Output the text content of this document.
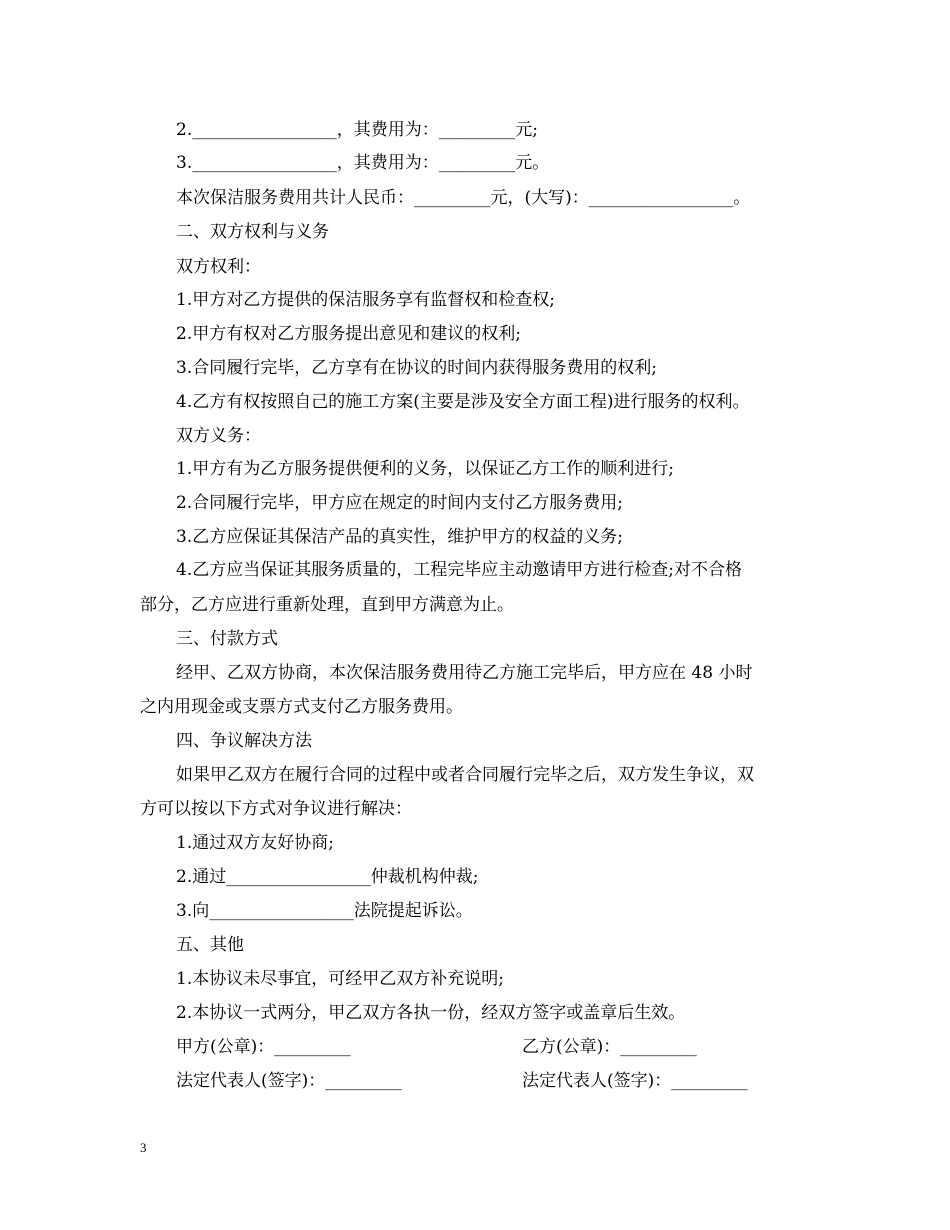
2._________________，其费用为：_________元;
3._________________，其费用为：_________元。
本次保洁服务费用共计人民币：_________元，(大写)：_________________。
二、双方权利与义务
双方权利：
1.甲方对乙方提供的保洁服务享有监督权和检查权;
2.甲方有权对乙方服务提出意见和建议的权利;
3.合同履行完毕，乙方享有在协议的时间内获得服务费用的权利;
4.乙方有权按照自己的施工方案(主要是涉及安全方面工程)进行服务的权利。
双方义务：
1.甲方有为乙方服务提供便利的义务，以保证乙方工作的顺利进行;
2.合同履行完毕，甲方应在规定的时间内支付乙方服务费用;
3.乙方应保证其保洁产品的真实性，维护甲方的权益的义务;
4.乙方应当保证其服务质量的，工程完毕应主动邀请甲方进行检查;对不合格
部分，乙方应进行重新处理，直到甲方满意为止。
三、付款方式
经甲、乙双方协商，本次保洁服务费用待乙方施工完毕后，甲方应在 48 小时
之内用现金或支票方式支付乙方服务费用。
四、争议解决方法
如果甲乙双方在履行合同的过程中或者合同履行完毕之后，双方发生争议，双
方可以按以下方式对争议进行解决：
1.通过双方友好协商;
2.通过_________________仲裁机构仲裁;
3.向_________________法院提起诉讼。
五、其他
1.本协议未尽事宜，可经甲乙双方补充说明;
2.本协议一式两分，甲乙双方各执一份，经双方签字或盖章后生效。
甲方(公章)：_________	乙方(公章)：_________
法定代表人(签字)：_________	法定代表人(签字)：_________
3
